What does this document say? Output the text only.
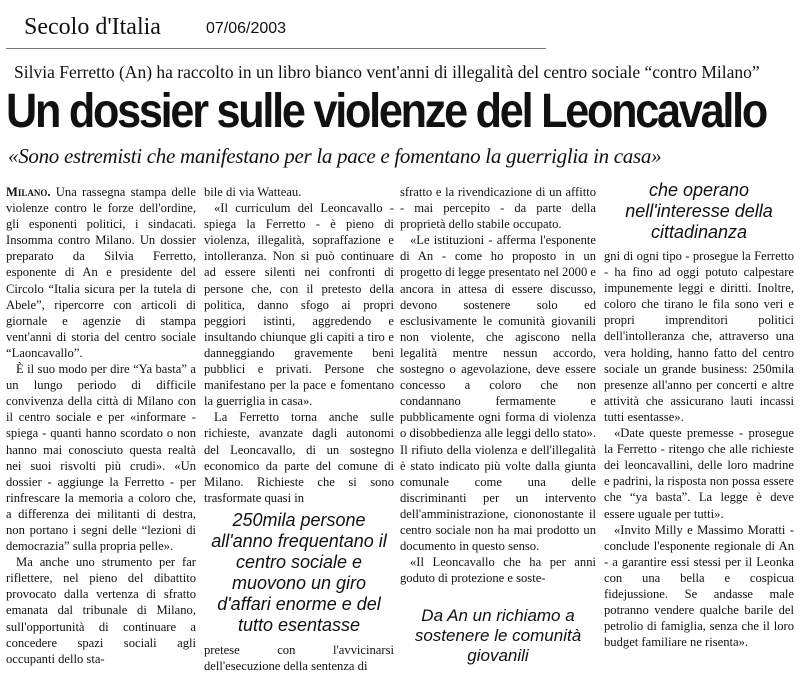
Secolo d'Italia	07/06/2003
Silvia Ferretto (An) ha raccolto in un libro bianco vent'anni di illegalità del centro sociale “contro Milano”
Un dossier sulle violenze del Leoncavallo
«Sono estremisti che manifestano per la pace e fomentano la guerriglia in casa»

Milano. Una rassegna stampa delle violenze contro le forze dell'ordine, gli esponenti politici, i sindacati. Insomma contro Milano. Un dossier preparato da Silvia Ferretto, esponente di An e presidente del Circolo “Italia sicura per la tutela di Abele”, ripercorre con articoli di giornale e agenzie di stampa vent'anni di storia del centro sociale “Laoncavallo”.

È il suo modo per dire “Ya basta” a un lungo periodo di difficile convivenza della città di Milano con il centro sociale e per «informare - spiega - quanti hanno scordato o non hanno mai conosciuto questa realtà nei suoi risvolti più crudi». «Un dossier - aggiunge la Ferretto - per rinfrescare la memoria a coloro che, a differenza dei militanti di destra, non portano i segni delle “lezioni di democrazia” sulla propria pelle».

Ma anche uno strumento per far riflettere, nel pieno del dibattito provocato dalla vertenza di sfratto emanata dal tribunale di Milano, sull'opportunità di continuare a concedere spazi sociali agli occupanti dello sta-

bile di via Watteau.

«Il curriculum del Leoncavallo - spiega la Ferretto - è pieno di violenza, illegalità, sopraffazione e intolleranza. Non si può continuare ad essere silenti nei confronti di persone che, con il pretesto della politica, danno sfogo ai propri peggiori istinti, aggredendo e insultando chiunque gli capiti a tiro e danneggiando gravemente beni pubblici e privati. Persone che manifestano per la pace e fomentano la guerriglia in casa».

La Ferretto torna anche sulle richieste, avanzate dagli autonomi del Leoncavallo, di un sostegno economico da parte del comune di Milano. Richieste che si sono trasformate quasi in

250mila persone all'anno frequentano il centro sociale e muovono un giro d'affari enorme e del tutto esentasse

pretese con l'avvicinarsi dell'esecuzione della sentenza di

sfratto e la rivendicazione di un affitto - mai percepito - da parte della proprietà dello stabile occupato.

«Le istituzioni - afferma l'esponente di An - come ho proposto in un progetto di legge presentato nel 2000 e ancora in attesa di essere discusso, devono sostenere solo ed esclusivamente le comunità giovanili non violente, che agiscono nella legalità mentre nessun accordo, sostegno o agevolazione, deve essere concesso a coloro che non condannano fermamente e pubblicamente ogni forma di violenza o disobbedienza alle leggi dello stato». Il rifiuto della violenza e dell'illegalità è stato indicato più volte dalla giunta comunale come una delle discriminanti per un intervento dell'amministrazione, ciononostante il centro sociale non ha mai prodotto un documento in questo senso.

«Il Leoncavallo che ha per anni goduto di protezione e soste-

Da An un richiamo a sostenere le comunità giovanili
che operano nell'interesse della cittadinanza

gni di ogni tipo - prosegue la Ferretto - ha fino ad oggi potuto calpestare impunemente leggi e diritti. Inoltre, coloro che tirano le fila sono veri e propri imprenditori politici dell'intolleranza che, attraverso una vera holding, hanno fatto del centro sociale un grande business: 250mila presenze all'anno per concerti e altre attività che assicurano lauti incassi tutti esentasse».

«Date queste premesse - prosegue la Ferretto - ritengo che alle richieste dei leoncavallini, delle loro madrine e padrini, la risposta non possa essere che “ya basta”. La legge è deve essere uguale per tutti».

«Invito Milly e Massimo Moratti - conclude l'esponente regionale di An - a garantire essi stessi per il Leonka con una bella e cospicua fidejussione. Se andasse male potranno vendere qualche barile del petrolio di famiglia, senza che il loro budget familiare ne risenta».
